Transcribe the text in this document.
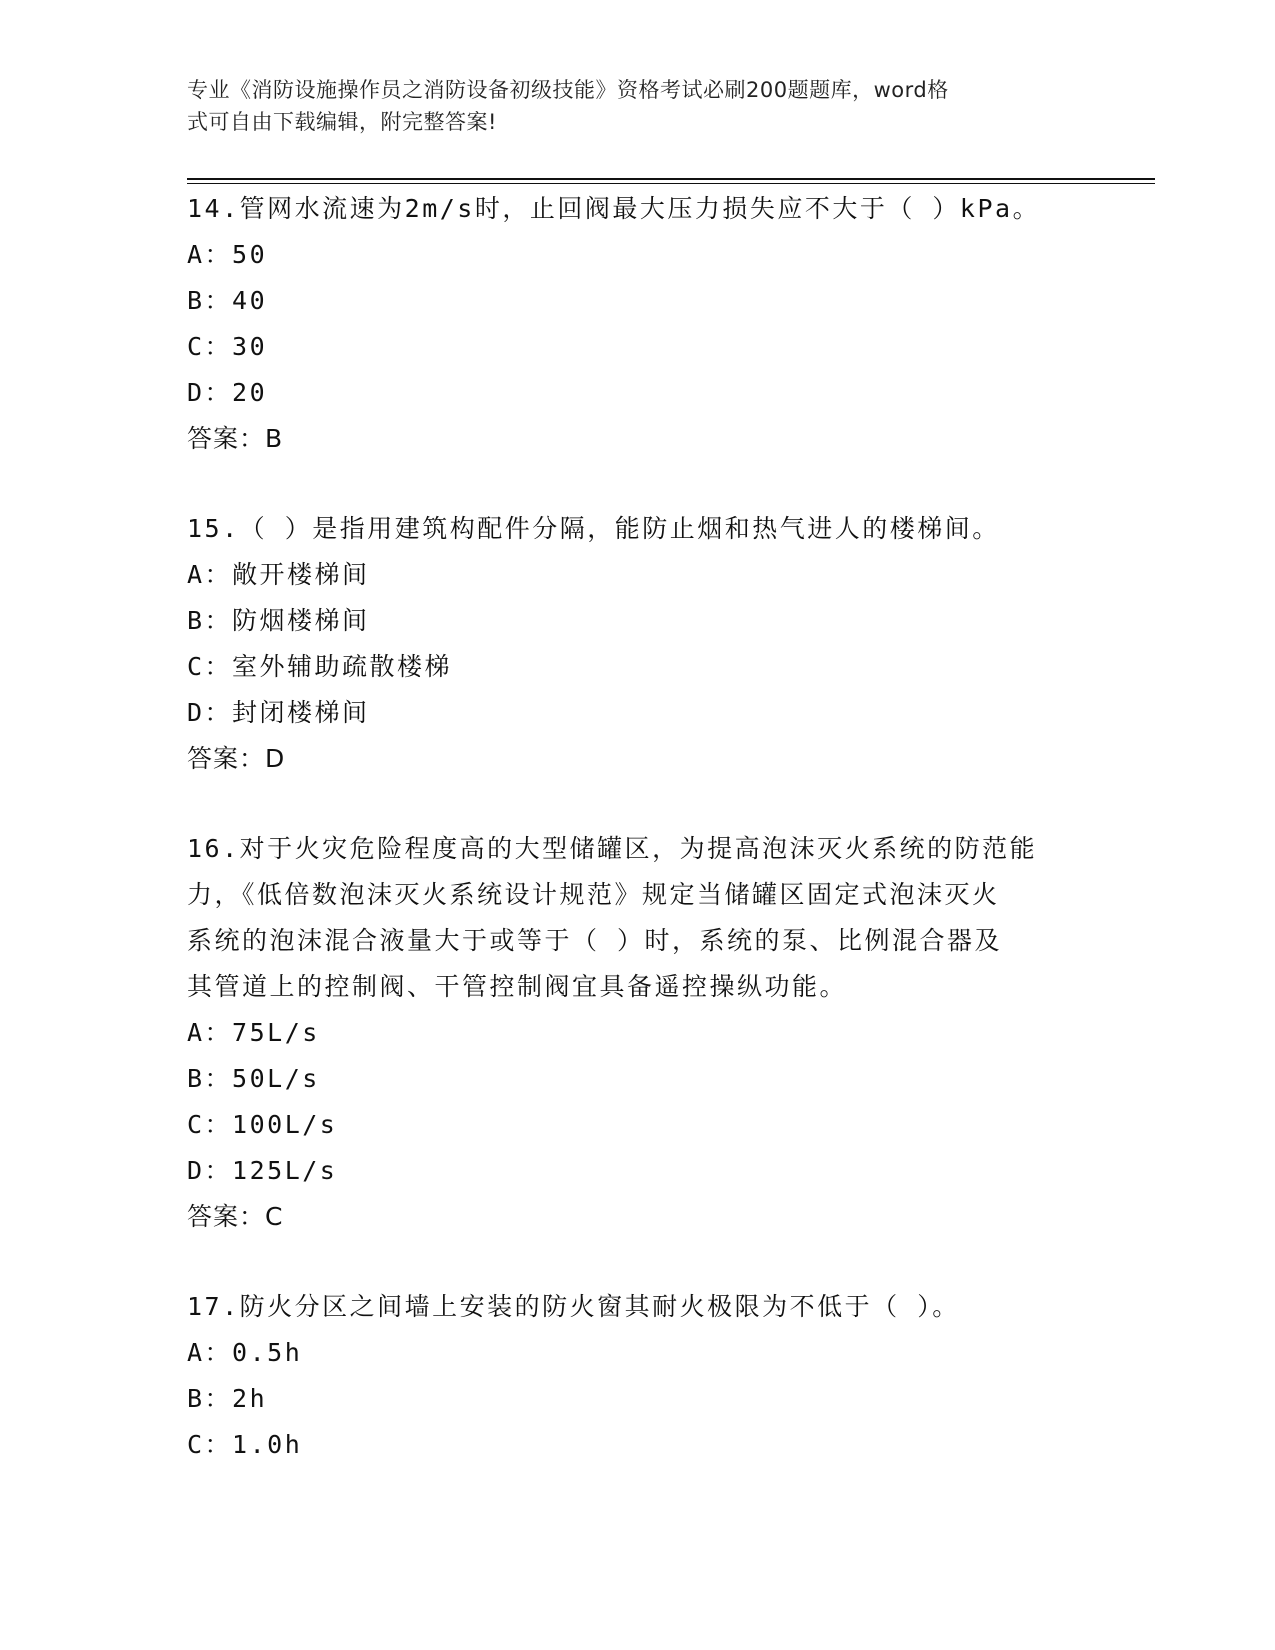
专业《消防设施操作员之消防设备初级技能》资格考试必刷200题题库，word格
式可自由下载编辑，附完整答案!

14.管网水流速为2m/s时，止回阀最大压力损失应不大于（ ）kPa。

A：50

B：40

C：30

D：20

答案：B

15.（ ）是指用建筑构配件分隔，能防止烟和热气进人的楼梯间。

A：敞开楼梯间

B：防烟楼梯间

C：室外辅助疏散楼梯

D：封闭楼梯间

答案：D

16.对于火灾危险程度高的大型储罐区，为提高泡沫灭火系统的防范能

力，《低倍数泡沫灭火系统设计规范》规定当储罐区固定式泡沫灭火

系统的泡沫混合液量大于或等于（ ）时，系统的泵、比例混合器及

其管道上的控制阀、干管控制阀宜具备遥控操纵功能。

A：75L/s

B：50L/s

C：100L/s

D：125L/s

答案：C

17.防火分区之间墙上安装的防火窗其耐火极限为不低于（ ）。

A：0.5h

B：2h

C：1.0h
